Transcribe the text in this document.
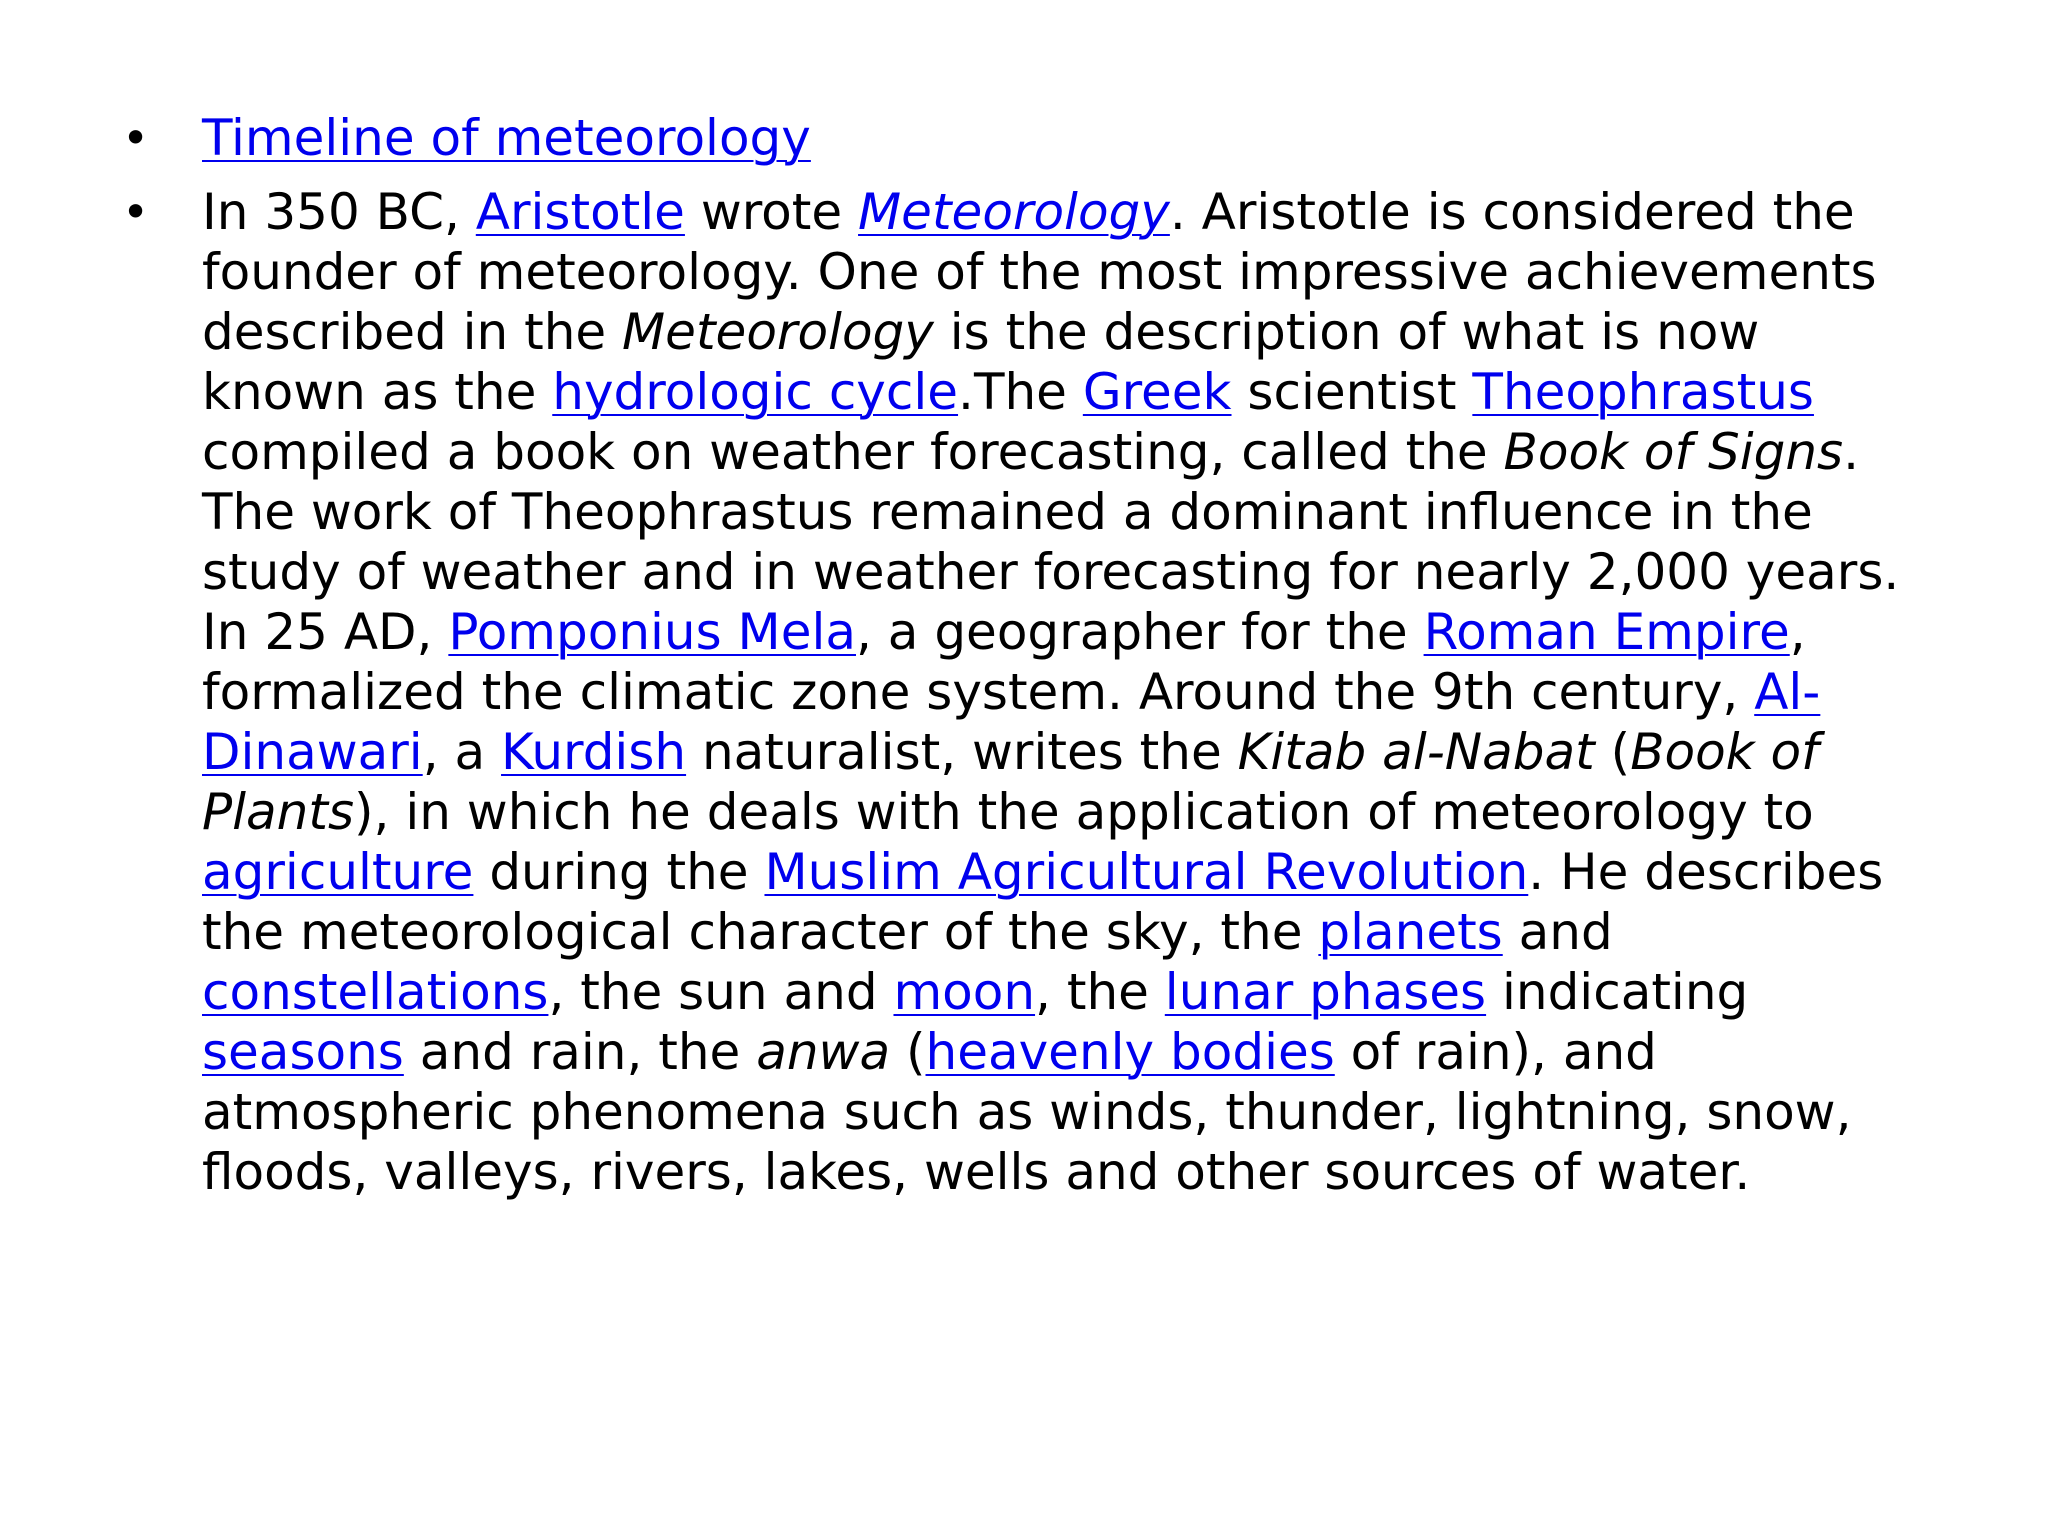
• Timeline of meteorology
• In 350 BC, Aristotle wrote Meteorology. Aristotle is considered the founder of meteorology. One of the most impressive achievements described in the Meteorology is the description of what is now known as the hydrologic cycle.The Greek scientist Theophrastus compiled a book on weather forecasting, called the Book of Signs. The work of Theophrastus remained a dominant influence in the study of weather and in weather forecasting for nearly 2,000 years. In 25 AD, Pomponius Mela, a geographer for the Roman Empire, formalized the climatic zone system. Around the 9th century, Al-Dinawari, a Kurdish naturalist, writes the Kitab al-Nabat (Book of Plants), in which he deals with the application of meteorology to agriculture during the Muslim Agricultural Revolution. He describes the meteorological character of the sky, the planets and constellations, the sun and moon, the lunar phases indicating seasons and rain, the anwa (heavenly bodies of rain), and atmospheric phenomena such as winds, thunder, lightning, snow, floods, valleys, rivers, lakes, wells and other sources of water.
